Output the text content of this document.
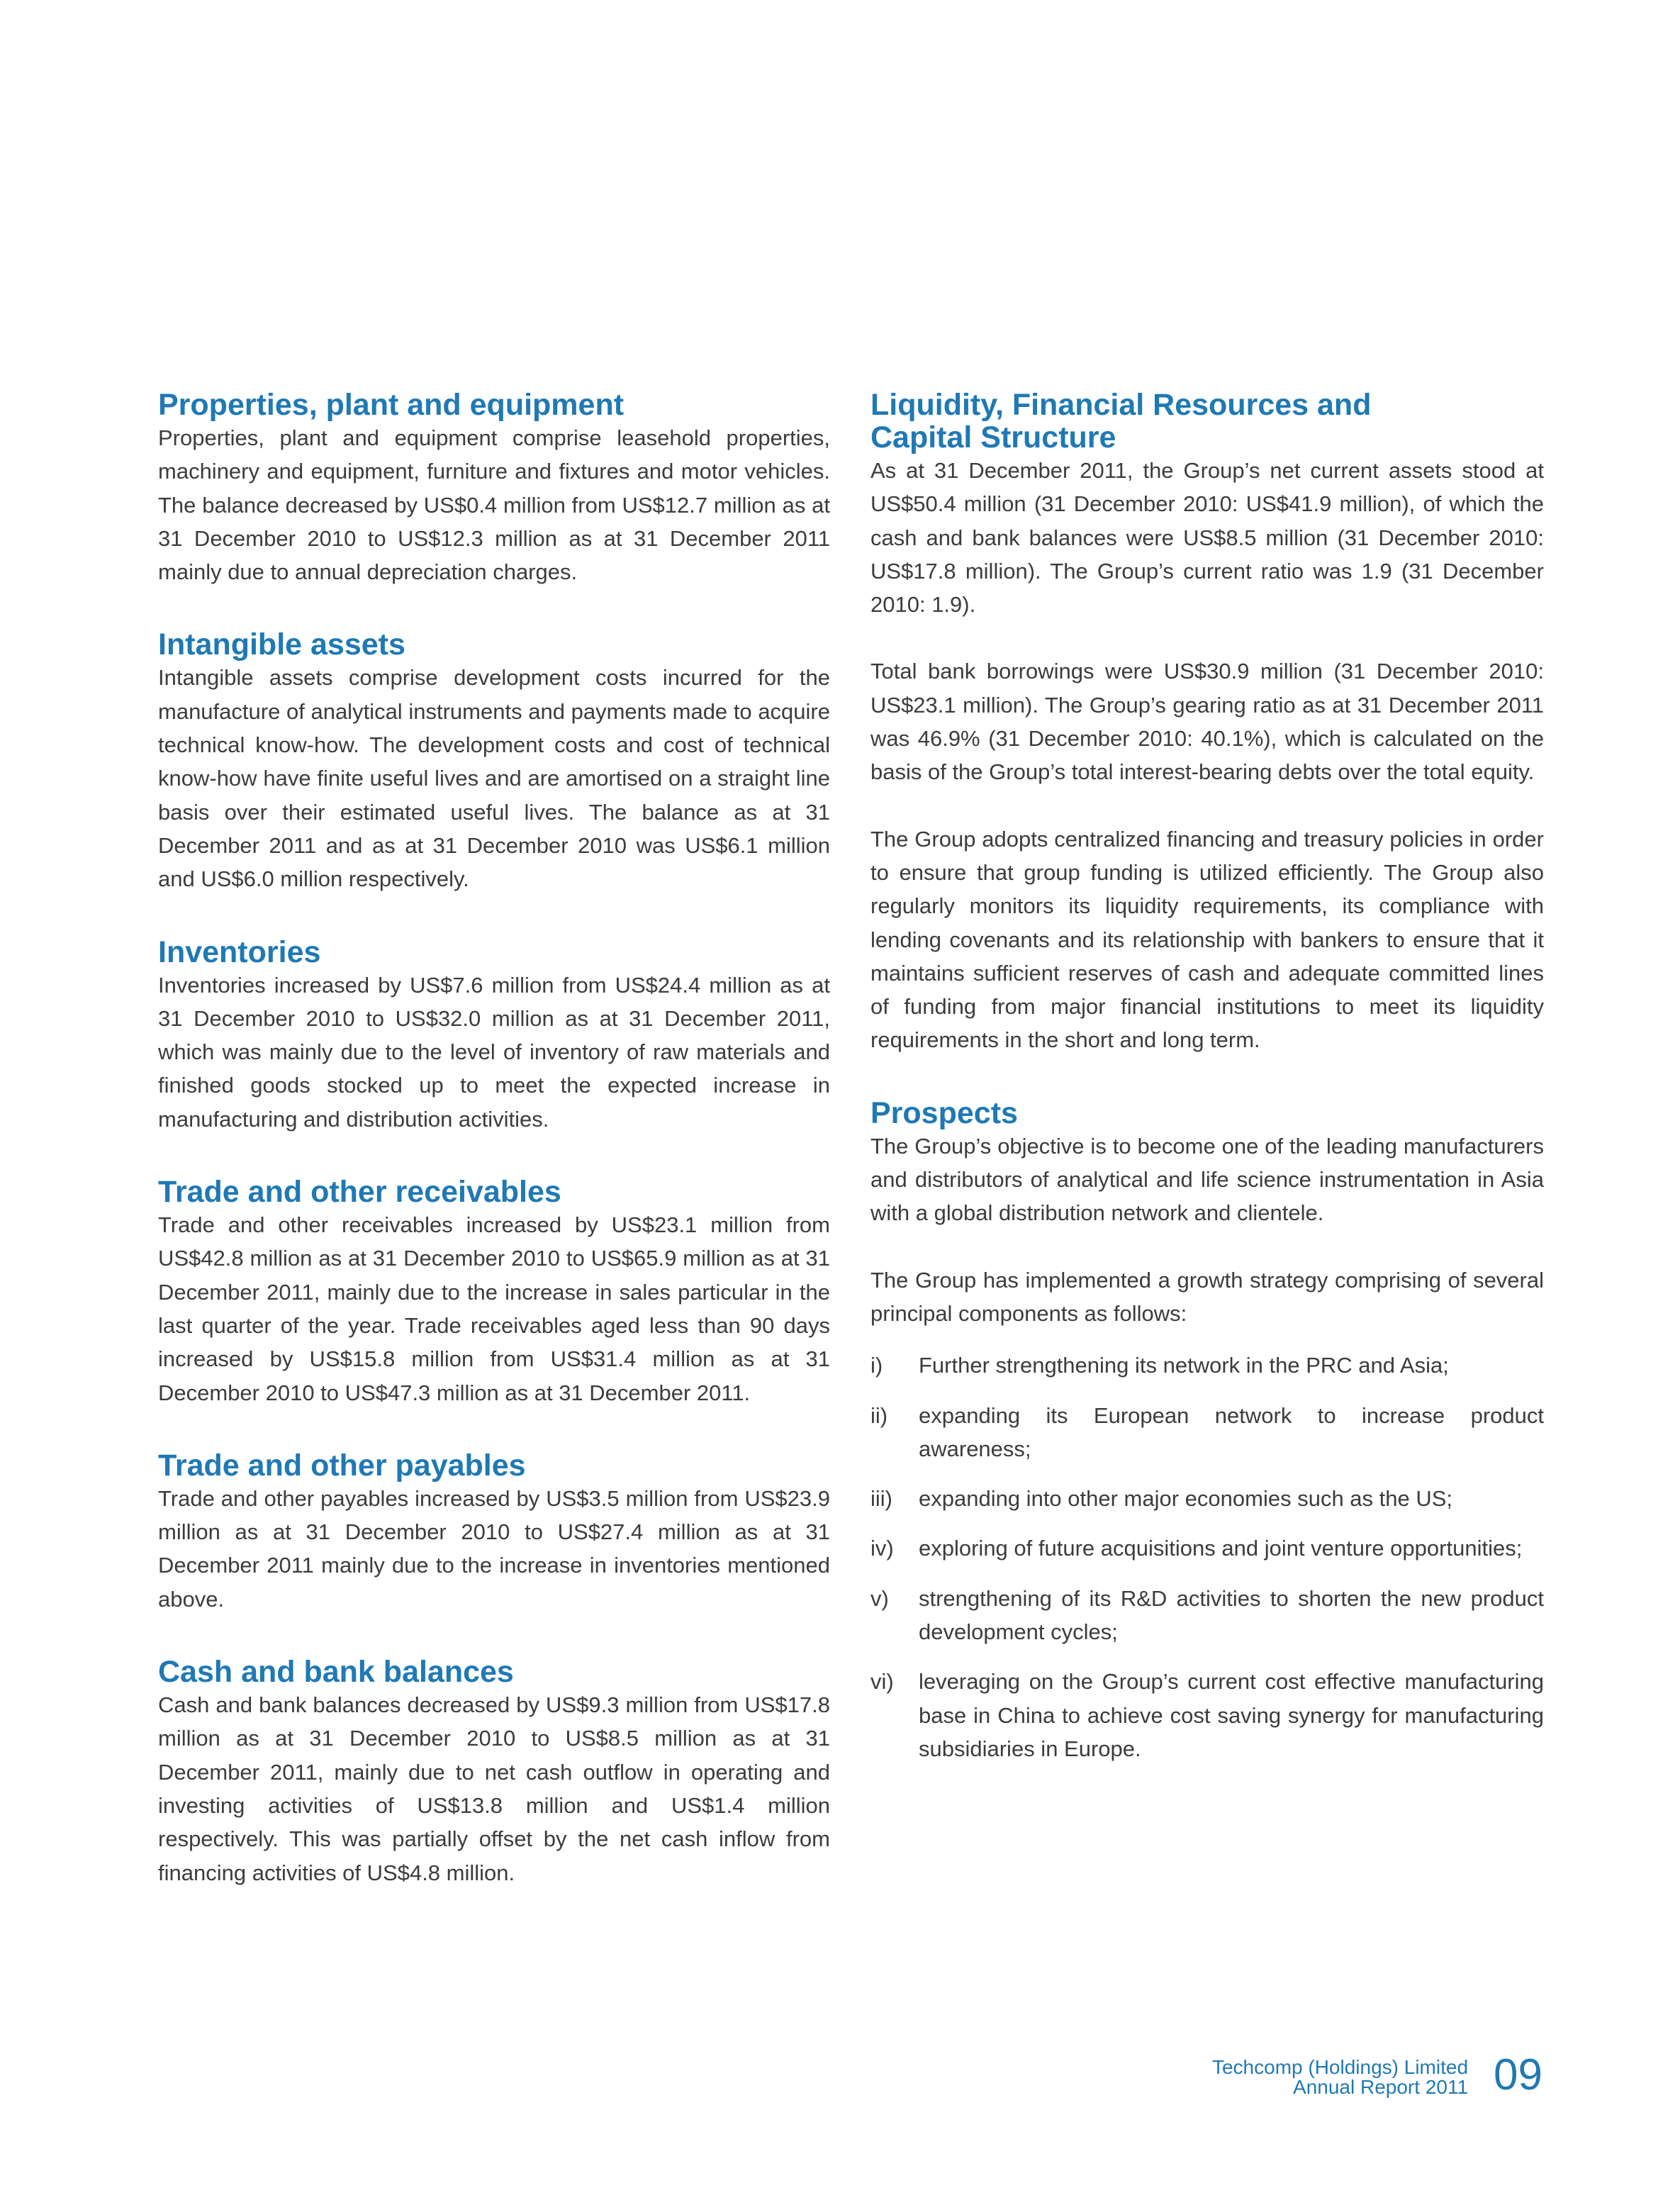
Properties, plant and equipment

Properties, plant and equipment comprise leasehold properties, machinery and equipment, furniture and fixtures and motor vehicles. The balance decreased by US$0.4 million from US$12.7 million as at 31 December 2010 to US$12.3 million as at 31 December 2011 mainly due to annual depreciation charges.

Intangible assets

Intangible assets comprise development costs incurred for the manufacture of analytical instruments and payments made to acquire technical know-how. The development costs and cost of technical know-how have finite useful lives and are amortised on a straight line basis over their estimated useful lives. The balance as at 31 December 2011 and as at 31 December 2010 was US$6.1 million and US$6.0 million respectively.

Inventories

Inventories increased by US$7.6 million from US$24.4 million as at 31 December 2010 to US$32.0 million as at 31 December 2011, which was mainly due to the level of inventory of raw materials and finished goods stocked up to meet the expected increase in manufacturing and distribution activities.

Trade and other receivables

Trade and other receivables increased by US$23.1 million from US$42.8 million as at 31 December 2010 to US$65.9 million as at 31 December 2011, mainly due to the increase in sales particular in the last quarter of the year. Trade receivables aged less than 90 days increased by US$15.8 million from US$31.4 million as at 31 December 2010 to US$47.3 million as at 31 December 2011.

Trade and other payables

Trade and other payables increased by US$3.5 million from US$23.9 million as at 31 December 2010 to US$27.4 million as at 31 December 2011 mainly due to the increase in inventories mentioned above.

Cash and bank balances

Cash and bank balances decreased by US$9.3 million from US$17.8 million as at 31 December 2010 to US$8.5 million as at 31 December 2011, mainly due to net cash outflow in operating and investing activities of US$13.8 million and US$1.4 million respectively. This was partially offset by the net cash inflow from financing activities of US$4.8 million.

Liquidity, Financial Resources and
Capital Structure

As at 31 December 2011, the Group’s net current assets stood at US$50.4 million (31 December 2010: US$41.9 million), of which the cash and bank balances were US$8.5 million (31 December 2010: US$17.8 million). The Group’s current ratio was 1.9 (31 December 2010: 1.9).

Total bank borrowings were US$30.9 million (31 December 2010: US$23.1 million). The Group’s gearing ratio as at 31 December 2011 was 46.9% (31 December 2010: 40.1%), which is calculated on the basis of the Group’s total interest-bearing debts over the total equity.

The Group adopts centralized financing and treasury policies in order to ensure that group funding is utilized efficiently. The Group also regularly monitors its liquidity requirements, its compliance with lending covenants and its relationship with bankers to ensure that it maintains sufficient reserves of cash and adequate committed lines of funding from major financial institutions to meet its liquidity requirements in the short and long term.

Prospects

The Group’s objective is to become one of the leading manufacturers and distributors of analytical and life science instrumentation in Asia with a global distribution network and clientele.

The Group has implemented a growth strategy comprising of several principal components as follows:

i) Further strengthening its network in the PRC and Asia;
ii) expanding its European network to increase product awareness;
iii) expanding into other major economies such as the US;
iv) exploring of future acquisitions and joint venture opportunities;
v) strengthening of its R&D activities to shorten the new product development cycles;
vi) leveraging on the Group’s current cost effective manufacturing base in China to achieve cost saving synergy for manufacturing subsidiaries in Europe.
Techcomp (Holdings) Limited
Annual Report 2011 09
